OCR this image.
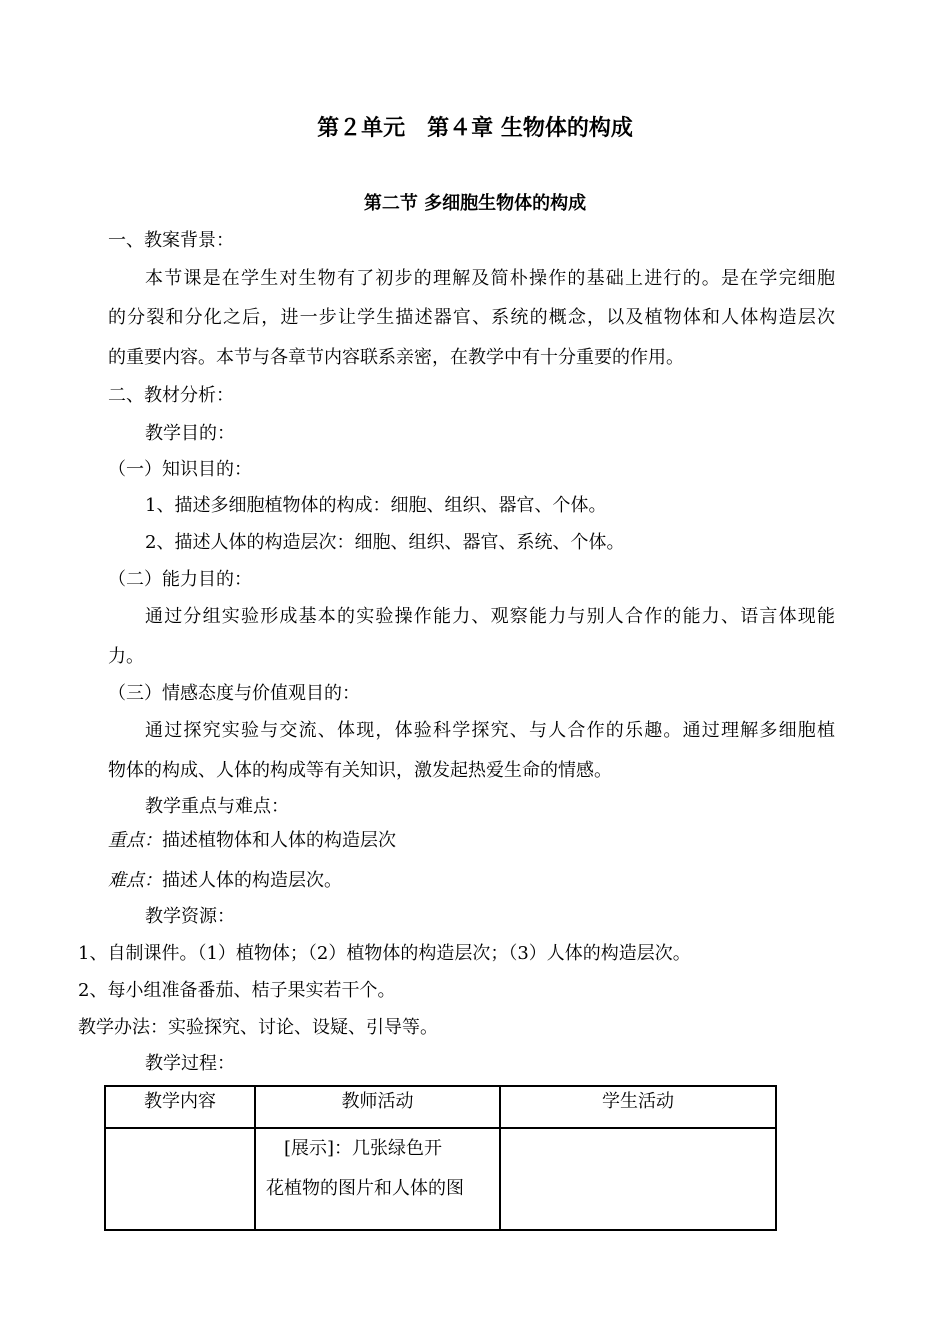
第２单元　第４章 生物体的构成
第二节 多细胞生物体的构成
一、教案背景：
本节课是在学生对生物有了初步的理解及简朴操作的基础上进行的。是在学完细胞
的分裂和分化之后，进一步让学生描述器官、系统的概念，以及植物体和人体构造层次
的重要内容。本节与各章节内容联系亲密，在教学中有十分重要的作用。
二、教材分析：
教学目的：
（一）知识目的：
1、描述多细胞植物体的构成：细胞、组织、器官、个体。
2、描述人体的构造层次：细胞、组织、器官、系统、个体。
（二）能力目的：
通过分组实验形成基本的实验操作能力、观察能力与别人合作的能力、语言体现能
力。
（三）情感态度与价值观目的：
通过探究实验与交流、体现，体验科学探究、与人合作的乐趣。通过理解多细胞植
物体的构成、人体的构成等有关知识，激发起热爱生命的情感。
教学重点与难点：
重点：描述植物体和人体的构造层次
难点：描述人体的构造层次。
教学资源：
1、自制课件。（1）植物体；（2）植物体的构造层次；（3）人体的构造层次。
2、每小组准备番茄、桔子果实若干个。
教学办法：实验探究、讨论、设疑、引导等。
教学过程：
教学内容	教师活动	学生活动

	　[展示]：几张绿色开
花植物的图片和人体的图	
